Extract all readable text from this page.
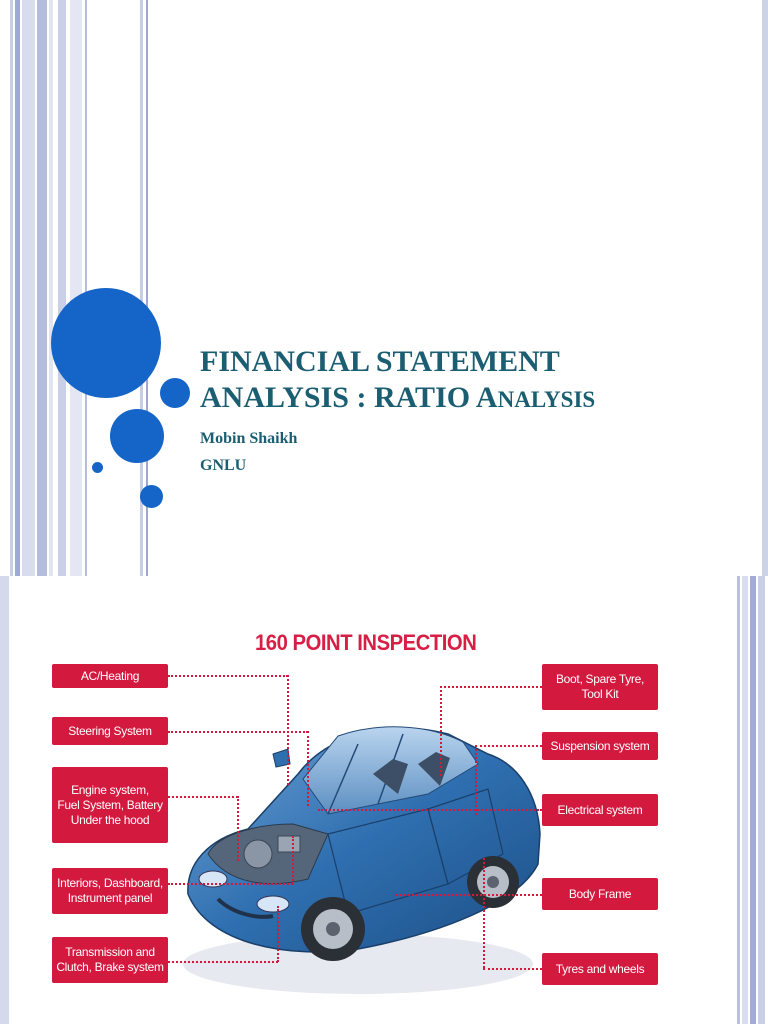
FINANCIAL STATEMENT
ANALYSIS : RATIO ANALYSIS
Mobin Shaikh
GNLU
160 POINT INSPECTION
AC/Heating
Steering System
Engine system,
Fuel System, Battery
Under the hood
Interiors, Dashboard,
Instrument panel
Transmission and
Clutch, Brake system
Boot, Spare Tyre,
Tool Kit
Suspension system
Electrical system
Body Frame
Tyres and wheels
